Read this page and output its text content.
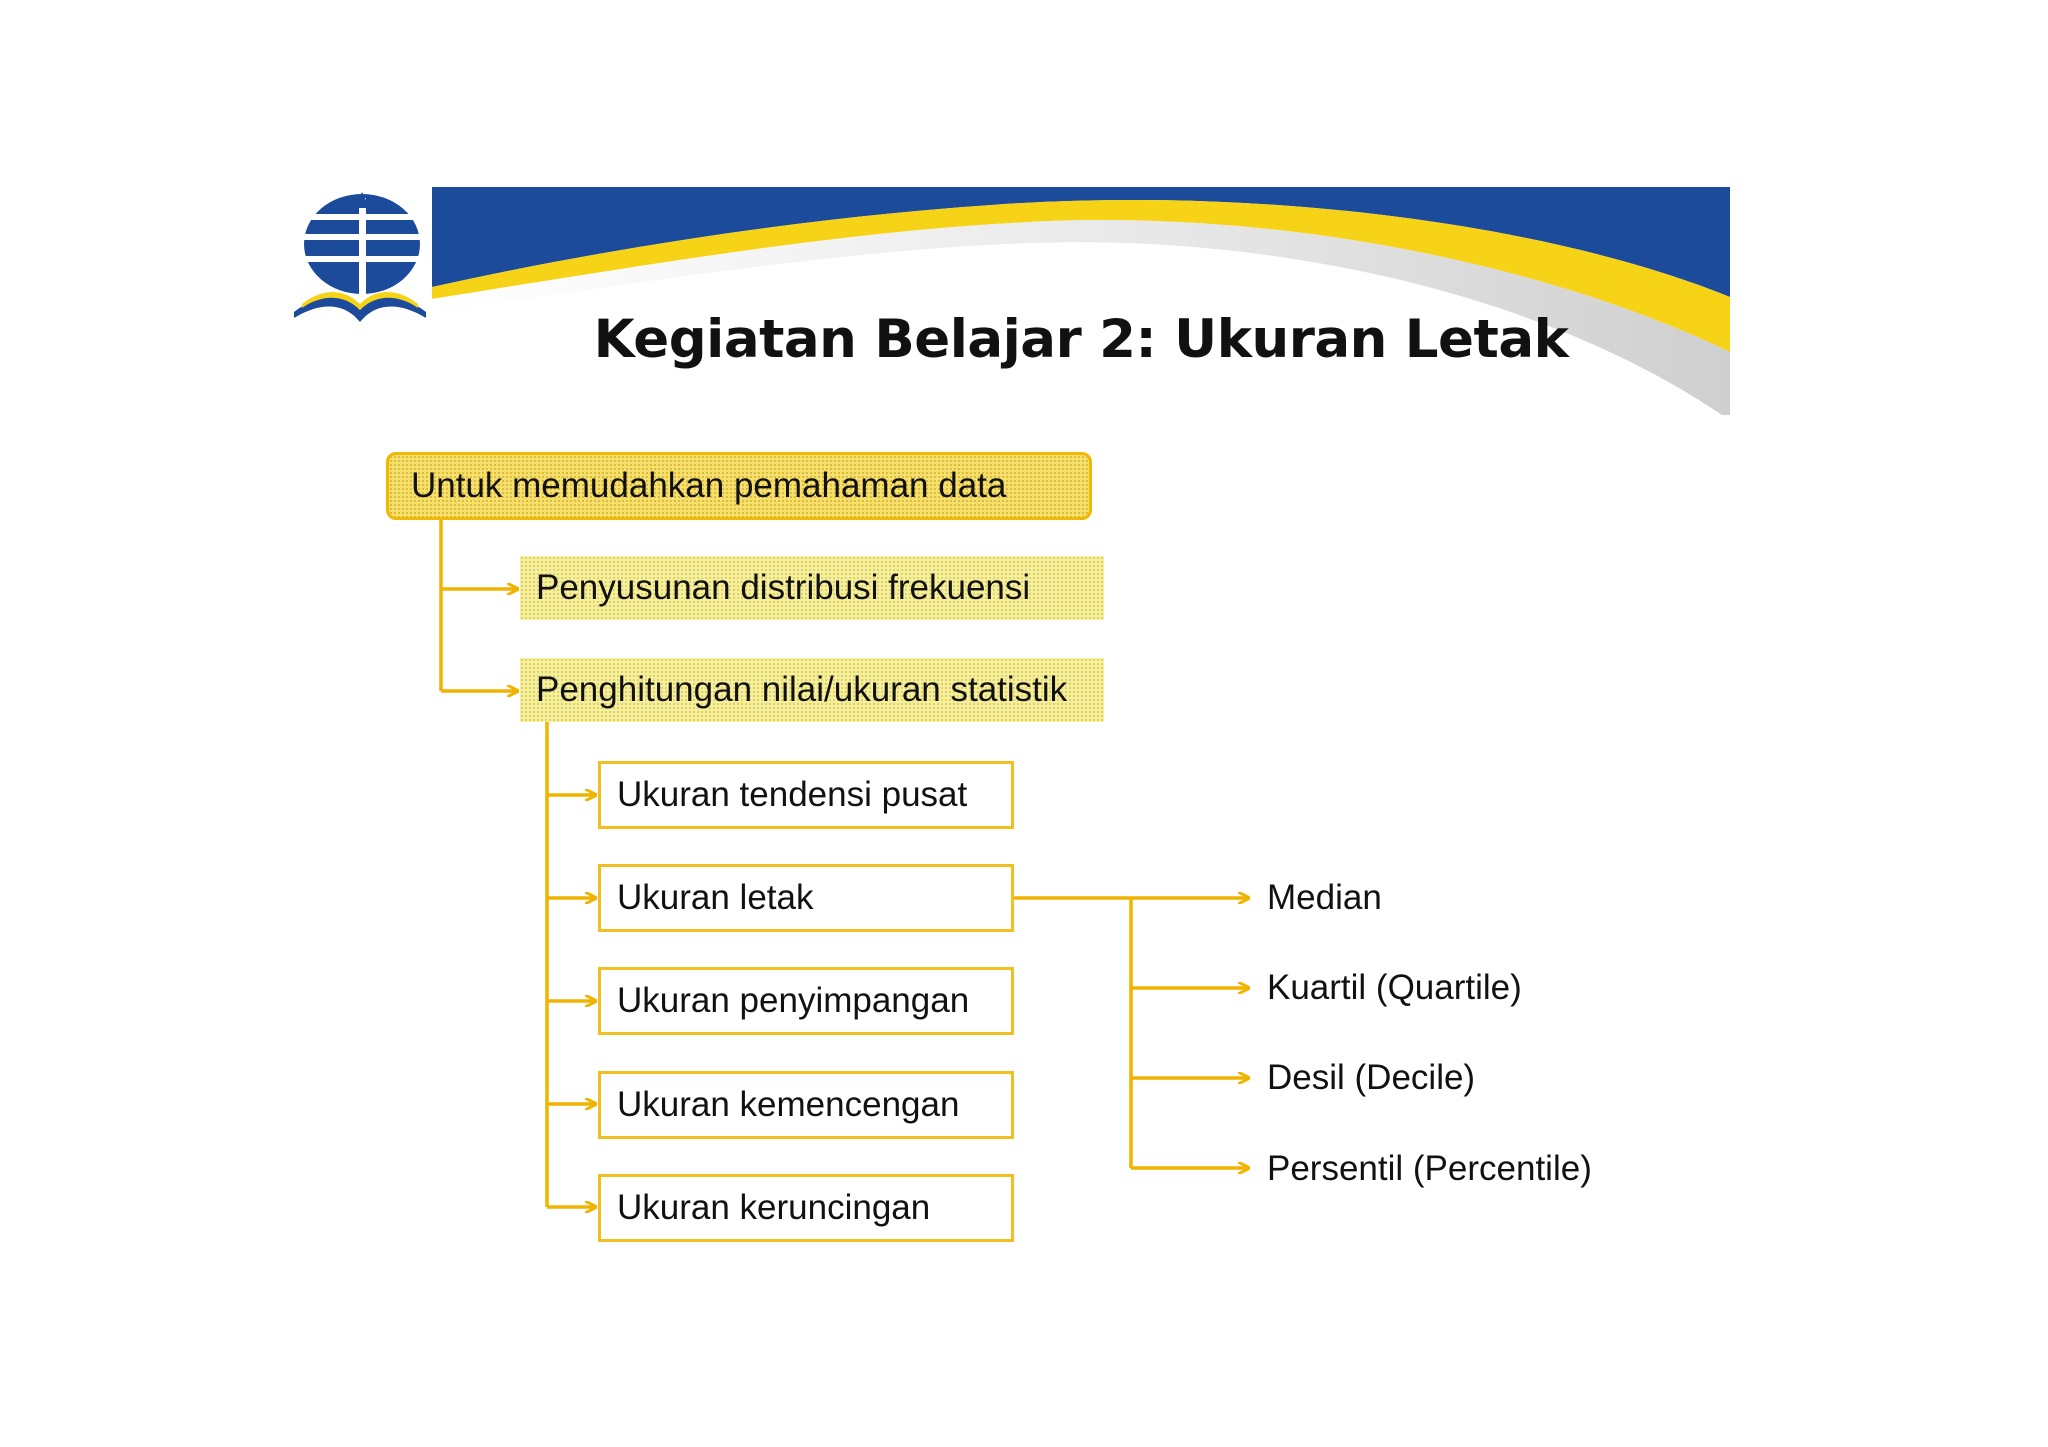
Kegiatan Belajar 2: Ukuran Letak
Untuk memudahkan pemahaman data
Penyusunan distribusi frekuensi
Penghitungan nilai/ukuran statistik
Ukuran tendensi pusat
Ukuran letak
Ukuran penyimpangan
Ukuran kemencengan
Ukuran keruncingan
Median
Kuartil (Quartile)
Desil (Decile)
Persentil (Percentile)
